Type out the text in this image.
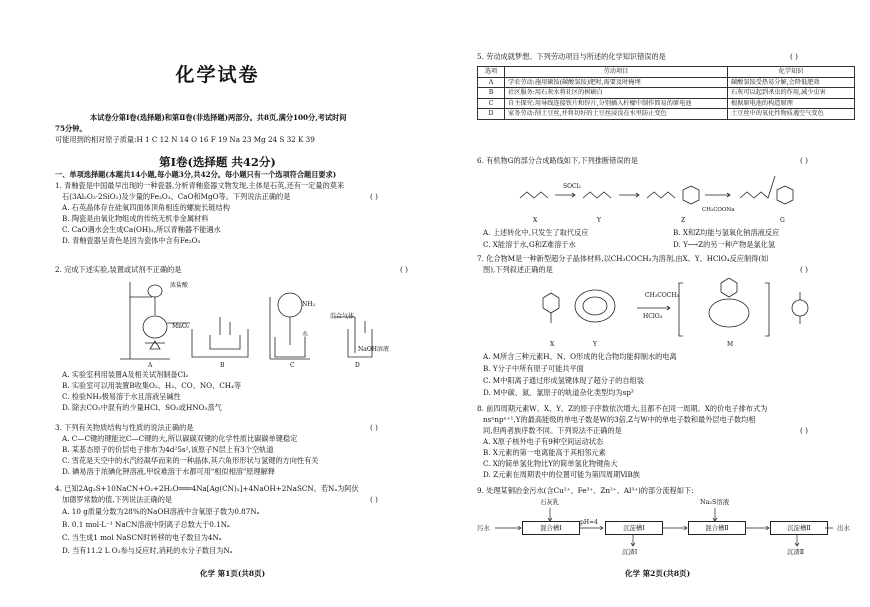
化学试卷
本试卷分第Ⅰ卷(选择题)和第Ⅱ卷(非选择题)两部分。共8页,满分100分,考试时间
75分钟。
可能用到的相对原子质量:H 1 C 12 N 14 O 16 F 19 Na 23 Mg 24 S 32 K 39
第Ⅰ卷(选择题 共42分)
一、单项选择题(本题共14小题,每小题3分,共42分。每小题只有一个选项符合题目要求)
1. 青釉瓷是中国最早出现的一种瓷器,分析青釉瓷器文物发现,主体是石英,还有一定量的莫来
石(3Al₂O₃·2SiO₂)及少量的Fe₂O₃、CaO和MgO等。下列说法正确的是	( )
A. 石英晶体存在硅氧四面体顶角相连的螺旋长链结构
B. 陶瓷是由氧化物组成的传统无机非金属材料
C. CaO遇水会生成Ca(OH)₂,所以青釉器不能遇水
D. 青釉瓷器呈青色是因为瓷体中含有Fe₂O₃
2. 完成下述实验,装置或试剂不正确的是	( )
浓盐酸
MnO₂
NH₃
水
混合气体
NaOH溶液
A	B	C	D
A. 实验室利用装置A及相关试剂制备Cl₂
B. 实验室可以用装置B收集O₂、H₂、CO、NO、CH₄等
C. 检验NH₃极易溶于水且溶液呈碱性
D. 除去CO₂中混有的少量HCl、SO₂或HNO₃蒸气
3. 下列有关物质结构与性质的说法正确的是	( )
A. C—C键的键能比C—C键的大,所以碳碳双键的化学性质比碳碳单键稳定
B. 某基态原子的价层电子排布为4d²5s²,该原子N层上有3个空轨道
C. 雪花是天空中的水汽经凝华而来的一种晶体,其六角形形状与氢键的方向性有关
D. 碘易溶于浓碘化钾溶液,甲烷难溶于水都可用"相似相溶"原理解释
4. 已知2Ag₂S+10NaCN+O₂+2H₂O═══4Na[Ag(CN)₂]+4NaOH+2NaSCN。若Nₐ为阿伏
加德罗常数的值,下列说法正确的是	( )
A. 10 g质量分数为28%的NaOH溶液中含氧原子数为0.87Nₐ
B. 0.1 mol·L⁻¹ NaCN溶液中阴离子总数大于0.1Nₐ
C. 当生成1 mol NaSCN时转移的电子数目为4Nₐ
D. 当有11.2 L O₂参与反应时,消耗的水分子数目为Nₐ
化学 第1页(共8页)
5. 劳动成就梦想。下列劳动项目与所述的化学知识错误的是	( )
选项	劳动项目	化学知识
A	学农劳动:施用碳铵(碳酸氢铵)肥时,需要及时掩埋	碳酸氢铵受热易分解,会降低肥效
B	社区服务:用石灰水将社区的树刷白	石灰可以起到杀虫的作用,减少虫害
C	自主探究:用导线连接铁片和锌片,分别插入柠檬中制作简易的原电池	根据原电池的构造原理
D	家务劳动:削土豆丝,并将切好的土豆丝浸没在水里防止变色	土豆丝中的氧化性物质遇空气变色
6. 有机物G的部分合成路线如下,下列推断错误的是	( )
SOCl₂
CH₃COONa
X	Y	Z	G
A. 上述转化中,只发生了取代反应	B. X和Z均能与氢氧化钠溶液反应
C. X能溶于水,G和Z难溶于水	D. Y─→Z的另一种产物是氯化氢
7. 化合物M是一种新型超分子晶体材料,以CH₃COCH₃为溶剂,由X、Y、HClO₄反应制得(如
图),下列叙述正确的是	( )
CH₃COCH₃
HClO₄
X	Y	M
A. M所含三种元素H、N、O形成的化合物均能抑制水的电离
B. Y分子中所有原子可能共平面
C. M中阳离子通过形成氢键体现了超分子的自组装
D. M中碳、氮、氯原子的轨道杂化类型均为sp³
8. 前四周期元素W、X、Y、Z的原子序数依次增大,且都不在同一周期。X的价电子排布式为
nsⁿnpⁿ⁺¹,Y的最高能级的单电子数是W的3倍,Z与W中的单电子数和最外层电子数均相
同,但两者族序数不同。下列说法不正确的是	( )
A. X原子核外电子有9种空间运动状态
B. X元素的第一电离能高于其相邻元素
C. X的简单氢化物比Y的简单氢化物键角大
D. Z元素在周期表中的位置可能为第四周期ⅥB族
9. 处理某铜冶金污水(含Cu²⁺、Fe³⁺、Zn²⁺、Al³⁺)的部分流程如下:
污水
石灰乳
pH=4
Na₂S溶液
混合槽Ⅰ	沉淀槽Ⅰ	混合槽Ⅱ	沉淀槽Ⅱ
沉渣Ⅰ	沉渣Ⅱ
出水
化学 第2页(共8页)
